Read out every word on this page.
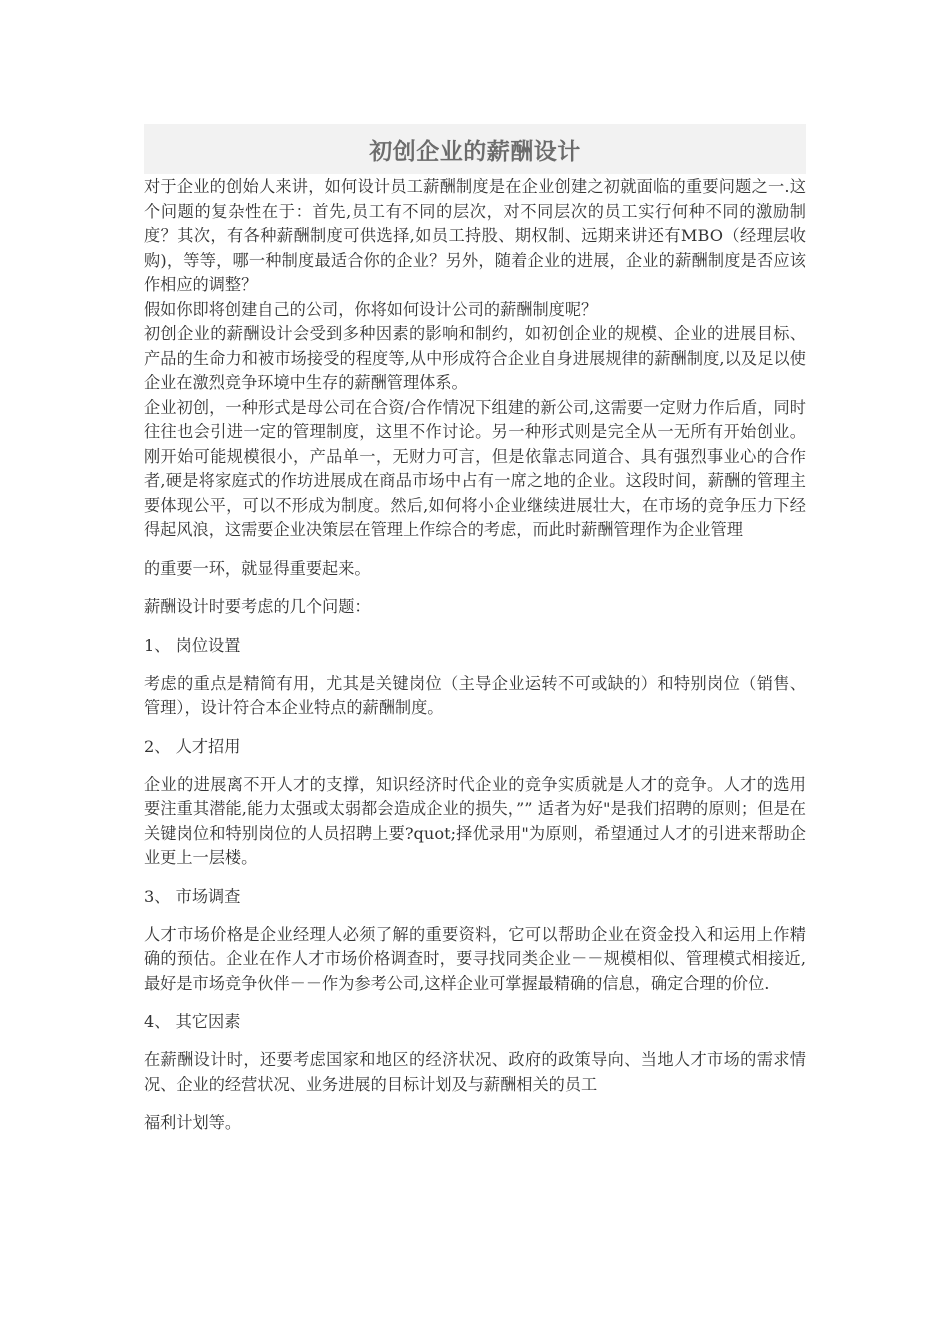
初创企业的薪酬设计

对于企业的创始人来讲，如何设计员工薪酬制度是在企业创建之初就面临的重要问题之一.这个问题的复杂性在于：首先,员工有不同的层次，对不同层次的员工实行何种不同的激励制度？其次，有各种薪酬制度可供选择,如员工持股、期权制、远期来讲还有MBO（经理层收购)，等等，哪一种制度最适合你的企业？另外，随着企业的进展，企业的薪酬制度是否应该作相应的调整？

假如你即将创建自己的公司，你将如何设计公司的薪酬制度呢？

初创企业的薪酬设计会受到多种因素的影响和制约，如初创企业的规模、企业的进展目标、产品的生命力和被市场接受的程度等,从中形成符合企业自身进展规律的薪酬制度,以及足以使企业在激烈竞争环境中生存的薪酬管理体系。

企业初创，一种形式是母公司在合资/合作情况下组建的新公司,这需要一定财力作后盾，同时往往也会引进一定的管理制度，这里不作讨论。另一种形式则是完全从一无所有开始创业。刚开始可能规模很小，产品单一，无财力可言，但是依靠志同道合、具有强烈事业心的合作者,硬是将家庭式的作坊进展成在商品市场中占有一席之地的企业。这段时间，薪酬的管理主要体现公平，可以不形成为制度。然后,如何将小企业继续进展壮大，在市场的竞争压力下经得起风浪，这需要企业决策层在管理上作综合的考虑，而此时薪酬管理作为企业管理

的重要一环，就显得重要起来。

薪酬设计时要考虑的几个问题：

1、 岗位设置

考虑的重点是精简有用，尤其是关键岗位（主导企业运转不可或缺的）和特别岗位（销售、管理），设计符合本企业特点的薪酬制度。

2、 人才招用

企业的进展离不开人才的支撑，知识经济时代企业的竞争实质就是人才的竞争。人才的选用要注重其潜能,能力太强或太弱都会造成企业的损失，”” 适者为好"是我们招聘的原则；但是在关键岗位和特别岗位的人员招聘上要?quot;择优录用"为原则，希望通过人才的引进来帮助企业更上一层楼。

3、 市场调查

人才市场价格是企业经理人必须了解的重要资料，它可以帮助企业在资金投入和运用上作精确的预估。企业在作人才市场价格调查时，要寻找同类企业－－规模相似、管理模式相接近,最好是市场竞争伙伴－－作为参考公司,这样企业可掌握最精确的信息，确定合理的价位.

4、 其它因素

在薪酬设计时，还要考虑国家和地区的经济状况、政府的政策导向、当地人才市场的需求情况、企业的经营状况、业务进展的目标计划及与薪酬相关的员工

福利计划等。
